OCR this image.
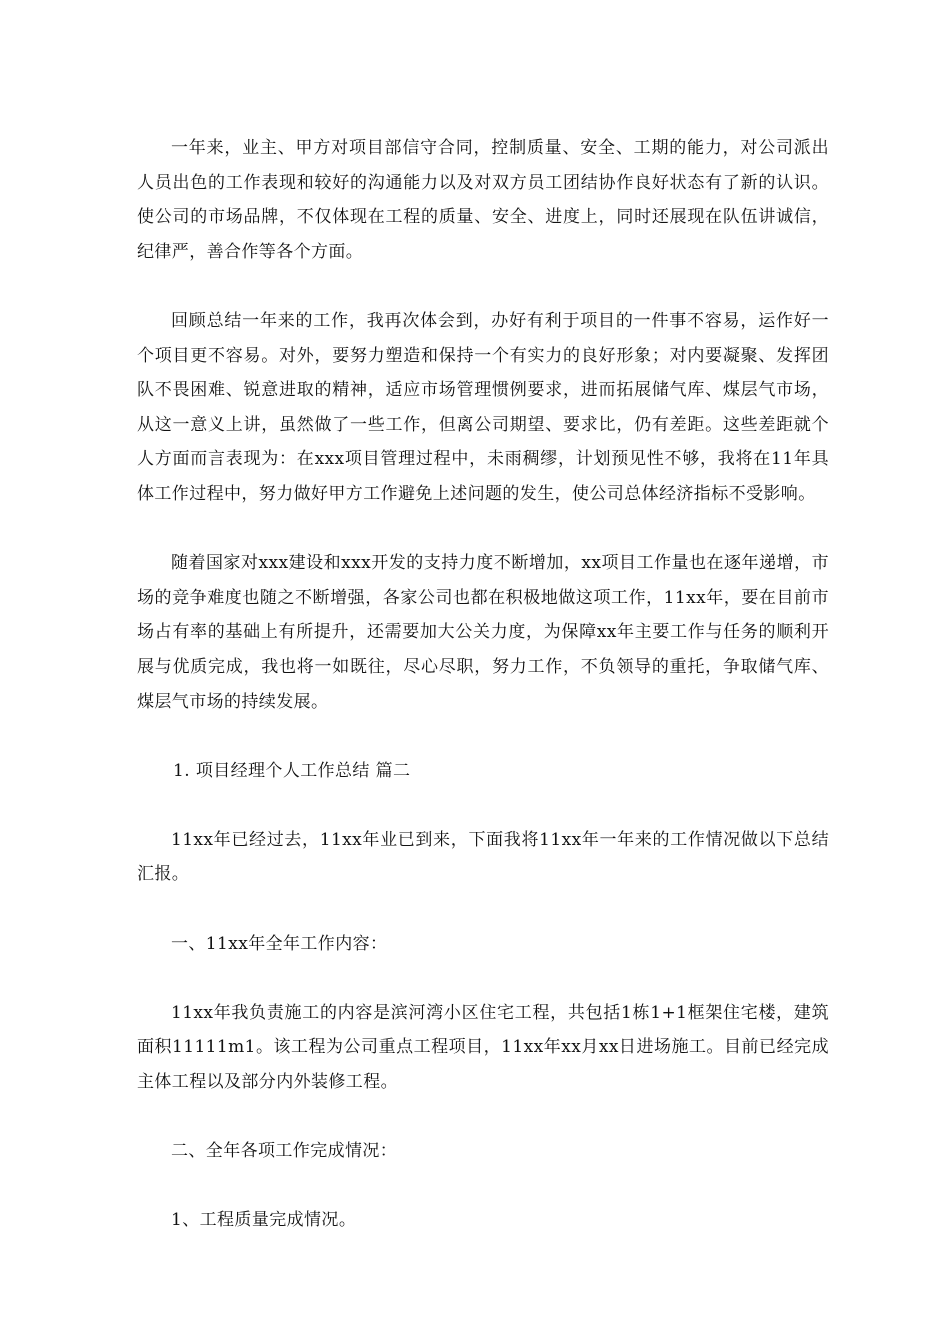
一年来，业主、甲方对项目部信守合同，控制质量、安全、工期的能力，对公司派出人员出色的工作表现和较好的沟通能力以及对双方员工团结协作良好状态有了新的认识。使公司的市场品牌，不仅体现在工程的质量、安全、进度上，同时还展现在队伍讲诚信，纪律严，善合作等各个方面。

回顾总结一年来的工作，我再次体会到，办好有利于项目的一件事不容易，运作好一个项目更不容易。对外，要努力塑造和保持一个有实力的良好形象；对内要凝聚、发挥团队不畏困难、锐意进取的精神，适应市场管理惯例要求，进而拓展储气库、煤层气市场，从这一意义上讲，虽然做了一些工作，但离公司期望、要求比，仍有差距。这些差距就个人方面而言表现为：在xxx项目管理过程中，未雨稠缪，计划预见性不够，我将在11年具体工作过程中，努力做好甲方工作避免上述问题的发生，使公司总体经济指标不受影响。

随着国家对xxx建设和xxx开发的支持力度不断增加，xx项目工作量也在逐年递增，市场的竞争难度也随之不断增强，各家公司也都在积极地做这项工作，11xx年，要在目前市场占有率的基础上有所提升，还需要加大公关力度，为保障xx年主要工作与任务的顺利开展与优质完成，我也将一如既往，尽心尽职，努力工作，不负领导的重托，争取储气库、煤层气市场的持续发展。

1. 项目经理个人工作总结 篇二

11xx年已经过去，11xx年业已到来，下面我将11xx年一年来的工作情况做以下总结汇报。

一、11xx年全年工作内容：

11xx年我负责施工的内容是滨河湾小区住宅工程，共包括1栋1+1框架住宅楼，建筑面积11111m1。该工程为公司重点工程项目，11xx年xx月xx日进场施工。目前已经完成主体工程以及部分内外装修工程。

二、全年各项工作完成情况：

1、工程质量完成情况。
